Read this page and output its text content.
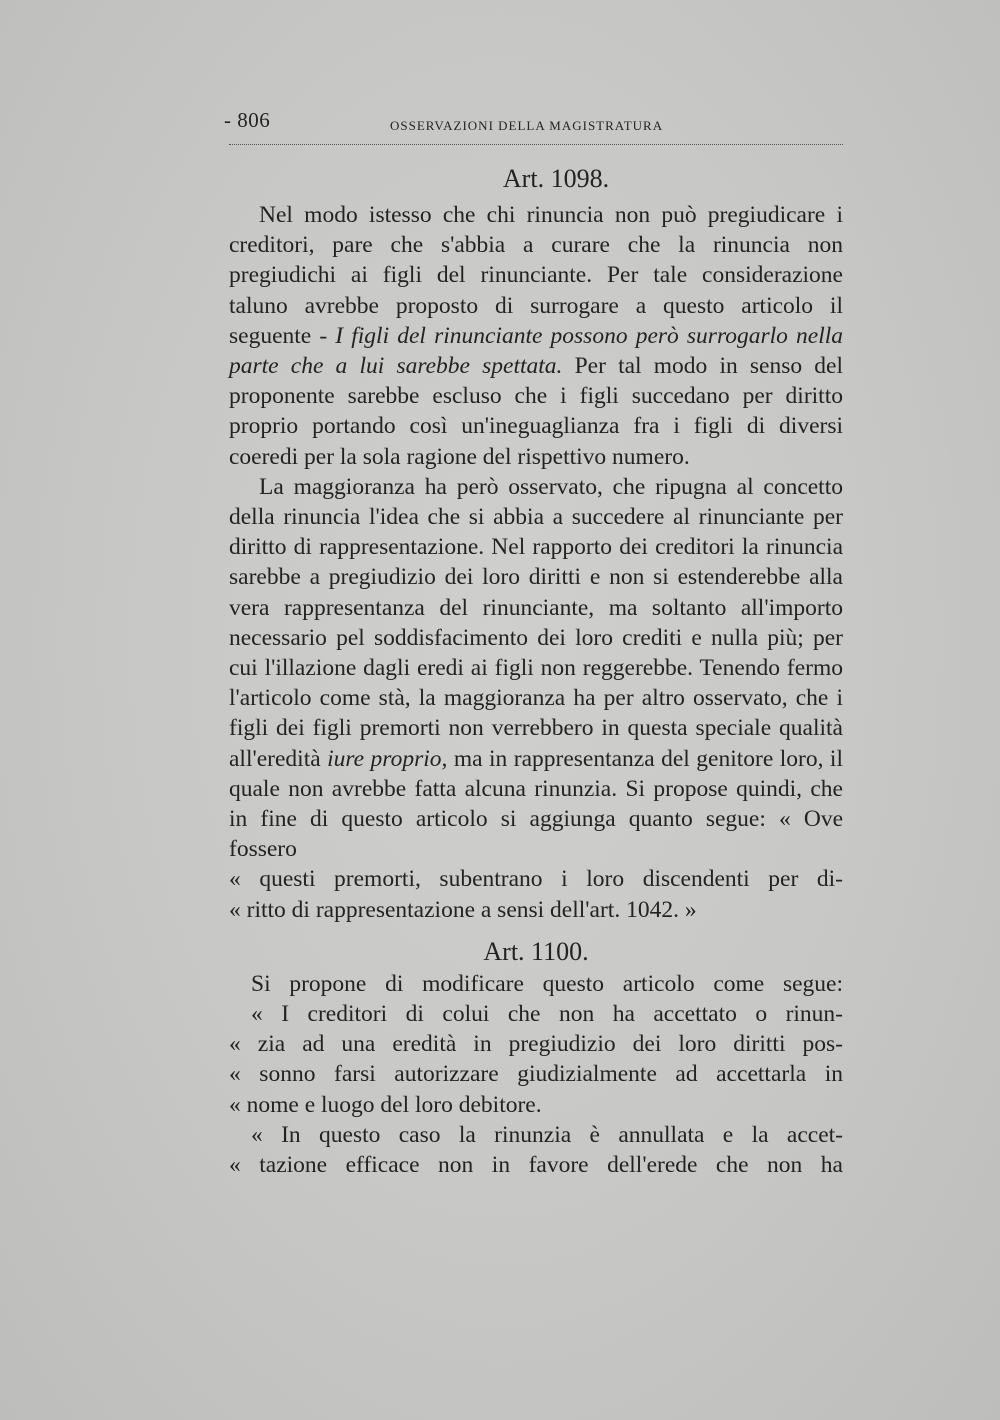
- 806	OSSERVAZIONI DELLA MAGISTRATURA
Art. 1098.

Nel modo istesso che chi rinuncia non può pregiudicare i creditori, pare che s'abbia a curare che la rinuncia non pregiudichi ai figli del rinunciante. Per tale considerazione taluno avrebbe proposto di surrogare a questo articolo il seguente - I figli del rinunciante possono però surrogarlo nella parte che a lui sarebbe spettata. Per tal modo in senso del proponente sarebbe escluso che i figli succedano per diritto proprio portando così un'ineguaglianza fra i figli di diversi coeredi per la sola ragione del rispettivo numero.

La maggioranza ha però osservato, che ripugna al concetto della rinuncia l'idea che si abbia a succedere al rinunciante per diritto di rappresentazione. Nel rapporto dei creditori la rinuncia sarebbe a pregiudizio dei loro diritti e non si estenderebbe alla vera rappresentanza del rinunciante, ma soltanto all'importo necessario pel soddisfacimento dei loro crediti e nulla più; per cui l'illazione dagli eredi ai figli non reggerebbe. Tenendo fermo l'articolo come stà, la maggioranza ha per altro osservato, che i figli dei figli premorti non verrebbero in questa speciale qualità all'eredità iure proprio, ma in rappresentanza del genitore loro, il quale non avrebbe fatta alcuna rinunzia. Si propose quindi, che in fine di questo articolo si aggiunga quanto segue: « Ove fossero

« questi premorti, subentrano i loro discendenti per di-

« ritto di rappresentazione a sensi dell'art. 1042. »

Art. 1100.

Si propone di modificare questo articolo come segue:

« I creditori di colui che non ha accettato o rinun-

« zia ad una eredità in pregiudizio dei loro diritti pos-

« sonno farsi autorizzare giudizialmente ad accettarla in

« nome e luogo del loro debitore.

« In questo caso la rinunzia è annullata e la accet-

« tazione efficace non in favore dell'erede che non ha
